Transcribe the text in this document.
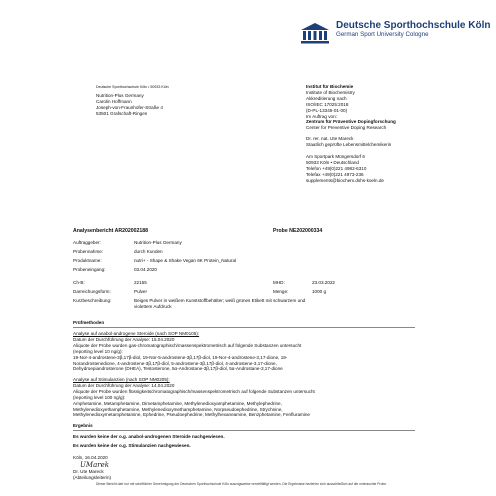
Deutsche Sporthochschule Köln
German Sport University Cologne
Deutsche Sporthochschule Köln • 50933 Köln
Nutrition-Plus Germany
Carolin Hoffmann
Joseph-von-Fraunhofer-Straße 4
53501 Grafschaft-Ringen
Institut für Biochemie
Institute of Biochemistry
Akkreditierung nach
ISO/IEC 17025:2018
(D-PL-13345-01-00)
Im Auftrag von:
Zentrum für Präventive Dopingforschung
Center for Preventive Doping Research
Dr. rer. nat. Ute Mareck
Staatlich geprüfte Lebensmittelchemikerin
Am Sportpark Müngersdorf 6
50933 Köln • Deutschland
Telefon +49(0)221 4982-6310
Telefax +49(0)221 4973-236
supplements@biochem.dshs-koeln.de
Analysenbericht AR202002188	Probe NE202000334
Auftraggeber:	Nutrition-Plus Germany
Probennahme:	durch Kunden
Produktname:	nutri+ - Shape & Shake Vegan 6K Protein_Natural
Probeneingang:	03.04.2020
Ch-B:	22155	MHD:	23.03.2022
Darreichungsform:	Pulver	Menge:	1000 g
Kurzbeschreibung:	Beiges Pulver in weißem Kunststoffbehälter; weiß grünes Etikett mit schwarzem und
violettem Aufdruck
Prüfmethoden
Analyse auf anabol-androgene Steroide (nach SOP NM0105):
Datum der Durchführung der Analyse: 15.04.2020
Aliquote der Probe wurden gas-chromatographisch/massenspektrometrisch auf folgende Substanzen untersucht
(reporting level 10 ng/g):
19-Nor-4-androstene-3β,17β-diol, 19-Nor-5-androstene-3β,17β-diol, 19-Nor-4-androstene-3,17-dione, 19-
Norandrostenedione, 4-androstene-3β,17β-diol, 5-androstene-3β,17β-diol, 4-androstene-3,17-dione,
Dehydroepiandrosterone (DHEA), Testosterone, 5α-Androstane-3β,17β-diol, 5α-Androstane-3,17-dione
Analyse auf Stimulanzien (nach SOP NM0205):
Datum der Durchführung der Analyse: 14.04.2020
Aliquote der Probe wurden flüssigkeitschromatographisch/massenspektrometrisch auf folgende Substanzen untersucht
(reporting level 100 ng/g):
Amphetamine, Metamphetamine, Dimetamphetamine, Methylenedioxyamphetamine, Methylephedrine,
Methylenedioxyethamphetamine, Methylenedioxymethamphetamine, Norpseudoephedrine, Strychnine,
Methylenedioxymetamphetamine, Ephedrine, Pseudoephedrine, Methylhexaneamine, Benzphetamine, Fenfluramine
Ergebnis
Es wurden keine der o.g. anabol-androgenen Steroide nachgewiesen.
Es wurden keine der o.g. Stimulanzien nachgewiesen.
Köln, 16.04.2020
UMarek
Dr. Ute Mareck
(Abteilungsleiterin)
Dieser Bericht darf nur mit schriftlicher Genehmigung der Deutschen Sporthochschule Köln auszugsweise vervielfältigt werden. Die Ergebnisse beziehen sich ausschließlich auf die untersuchte Probe.
